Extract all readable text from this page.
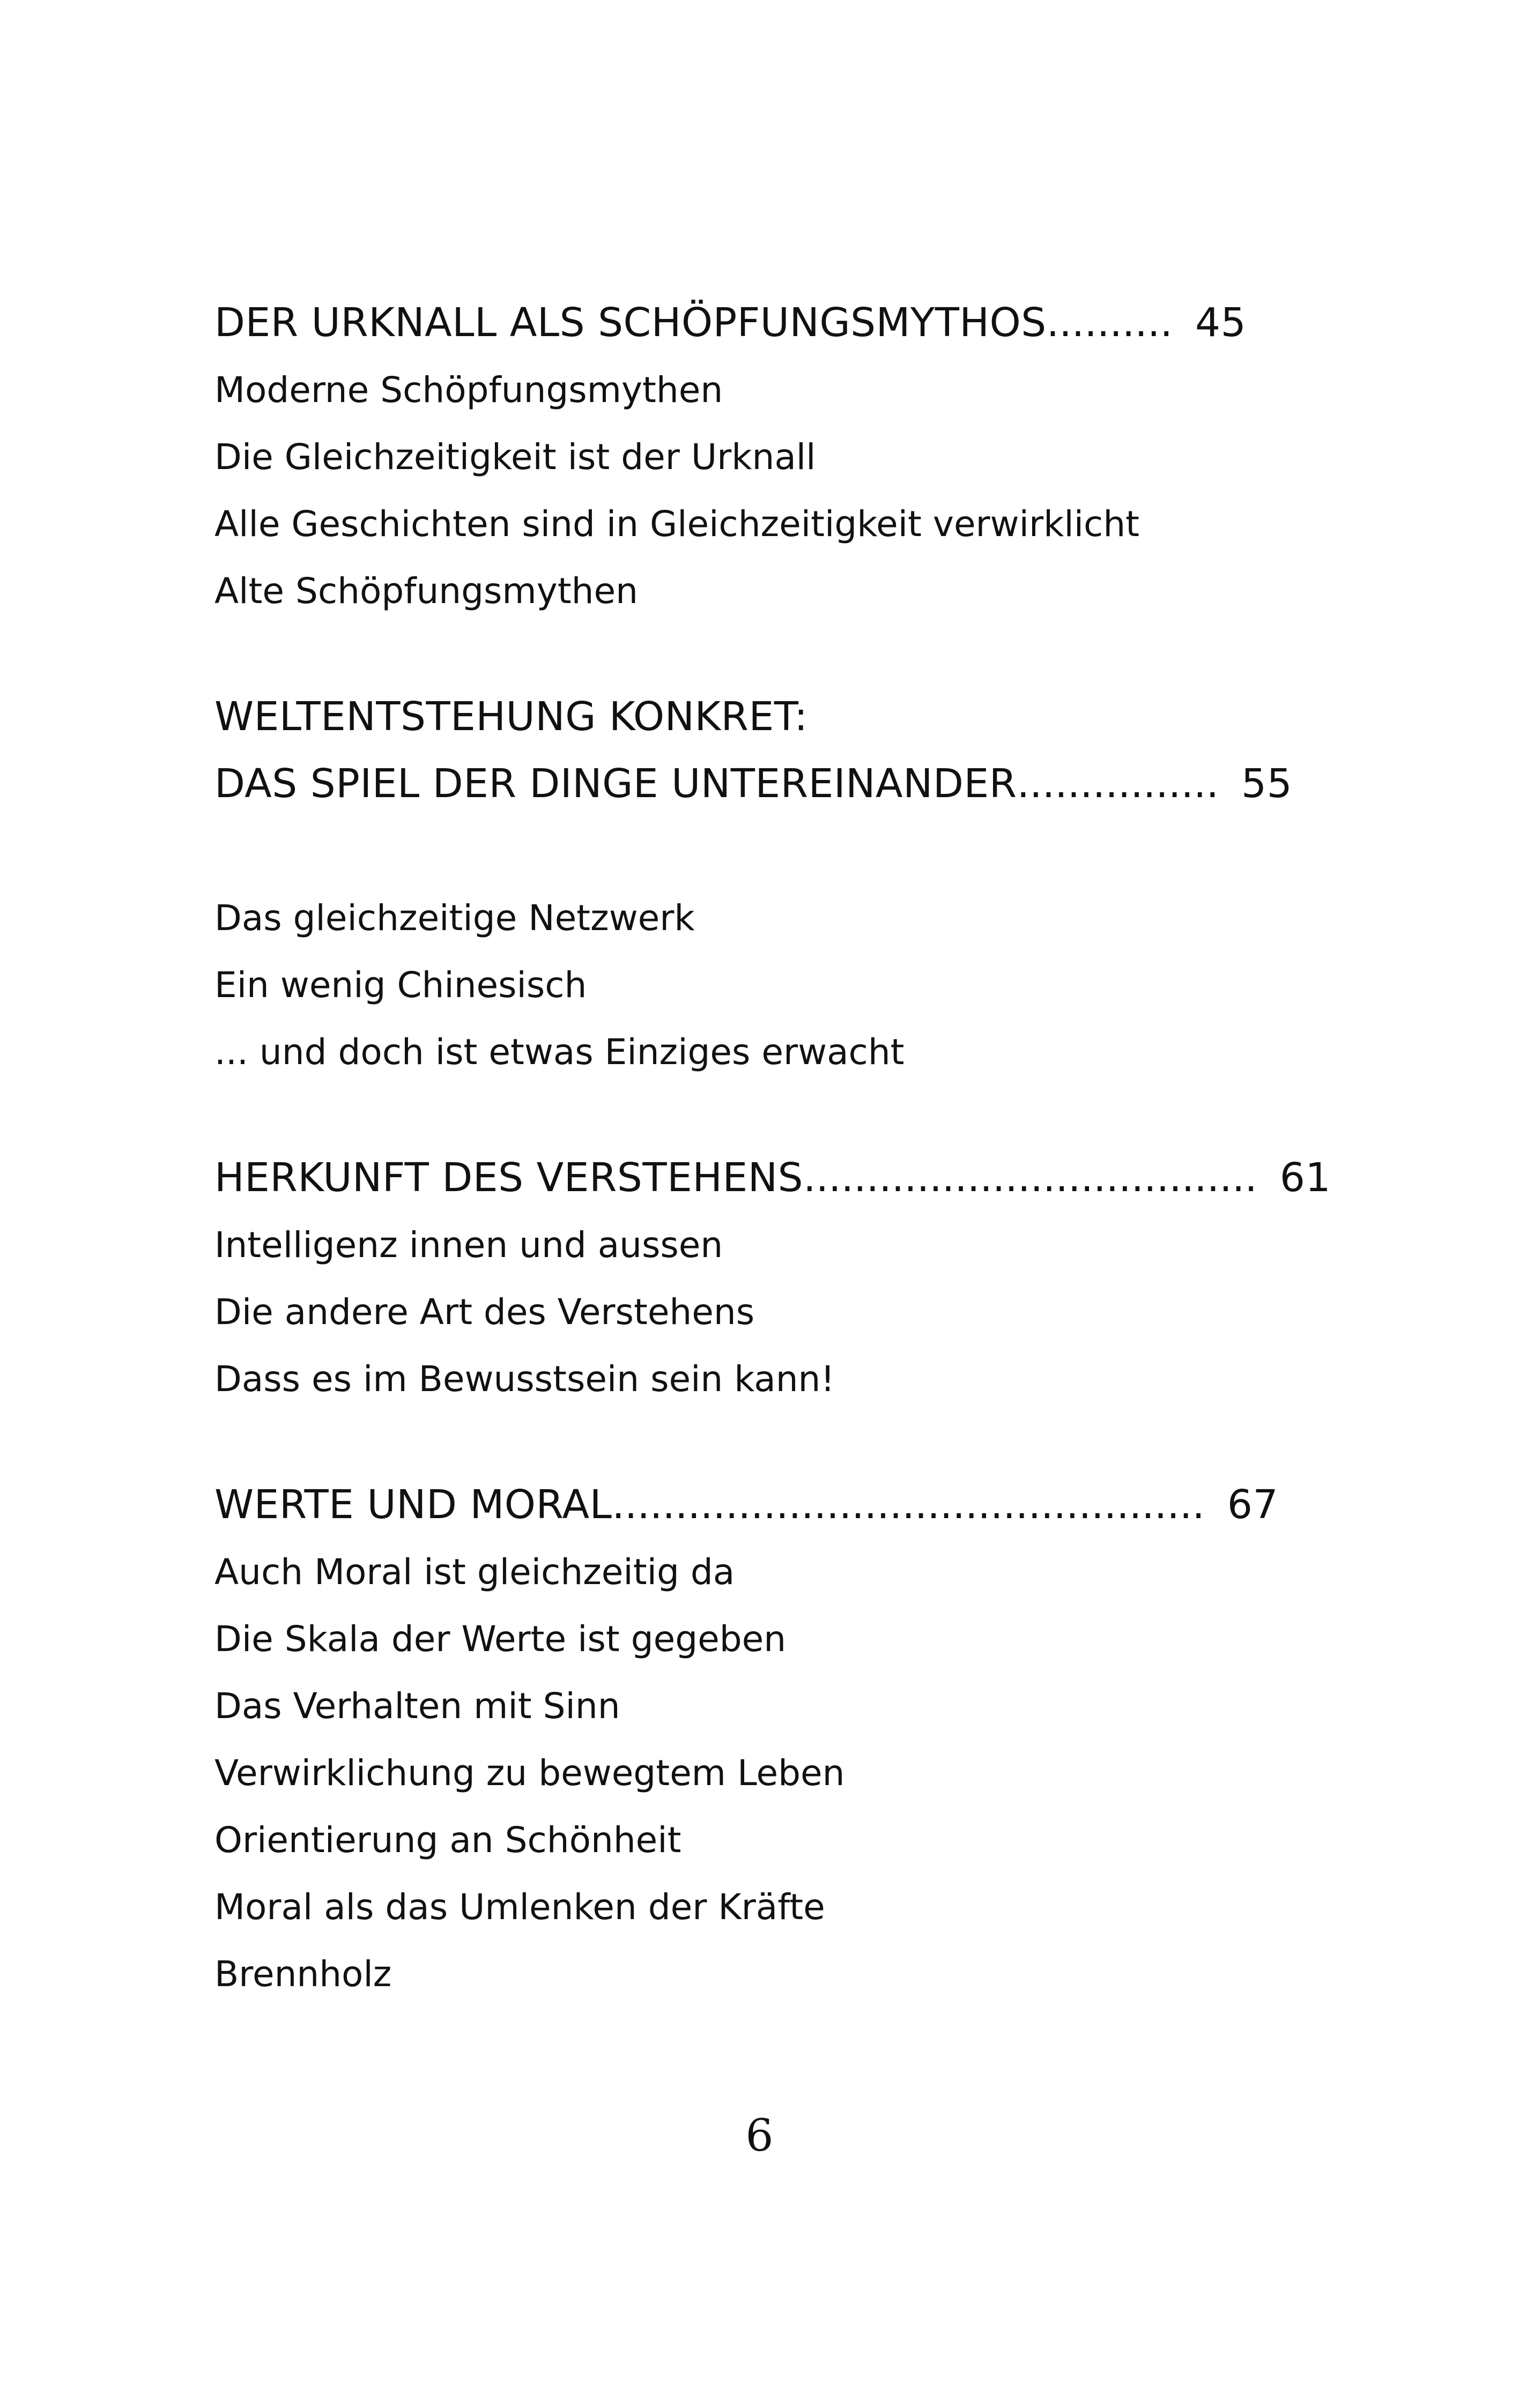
DER URKNALL ALS SCHÖPFUNGSMYTHOS .......... 45
Moderne Schöpfungsmythen
Die Gleichzeitigkeit ist der Urknall
Alle Geschichten sind in Gleichzeitigkeit verwirklicht
Alte Schöpfungsmythen
WELTENTSTEHUNG KONKRET:
DAS SPIEL DER DINGE UNTEREINANDER ................ 55
Das gleichzeitige Netzwerk
Ein wenig Chinesisch
... und doch ist etwas Einziges erwacht
HERKUNFT DES VERSTEHENS .................................... 61
Intelligenz innen und aussen
Die andere Art des Verstehens
Dass es im Bewusstsein sein kann!
WERTE UND MORAL ............................................... 67
Auch Moral ist gleichzeitig da
Die Skala der Werte ist gegeben
Das Verhalten mit Sinn
Verwirklichung zu bewegtem Leben
Orientierung an Schönheit
Moral als das Umlenken der Kräfte
Brennholz
6
